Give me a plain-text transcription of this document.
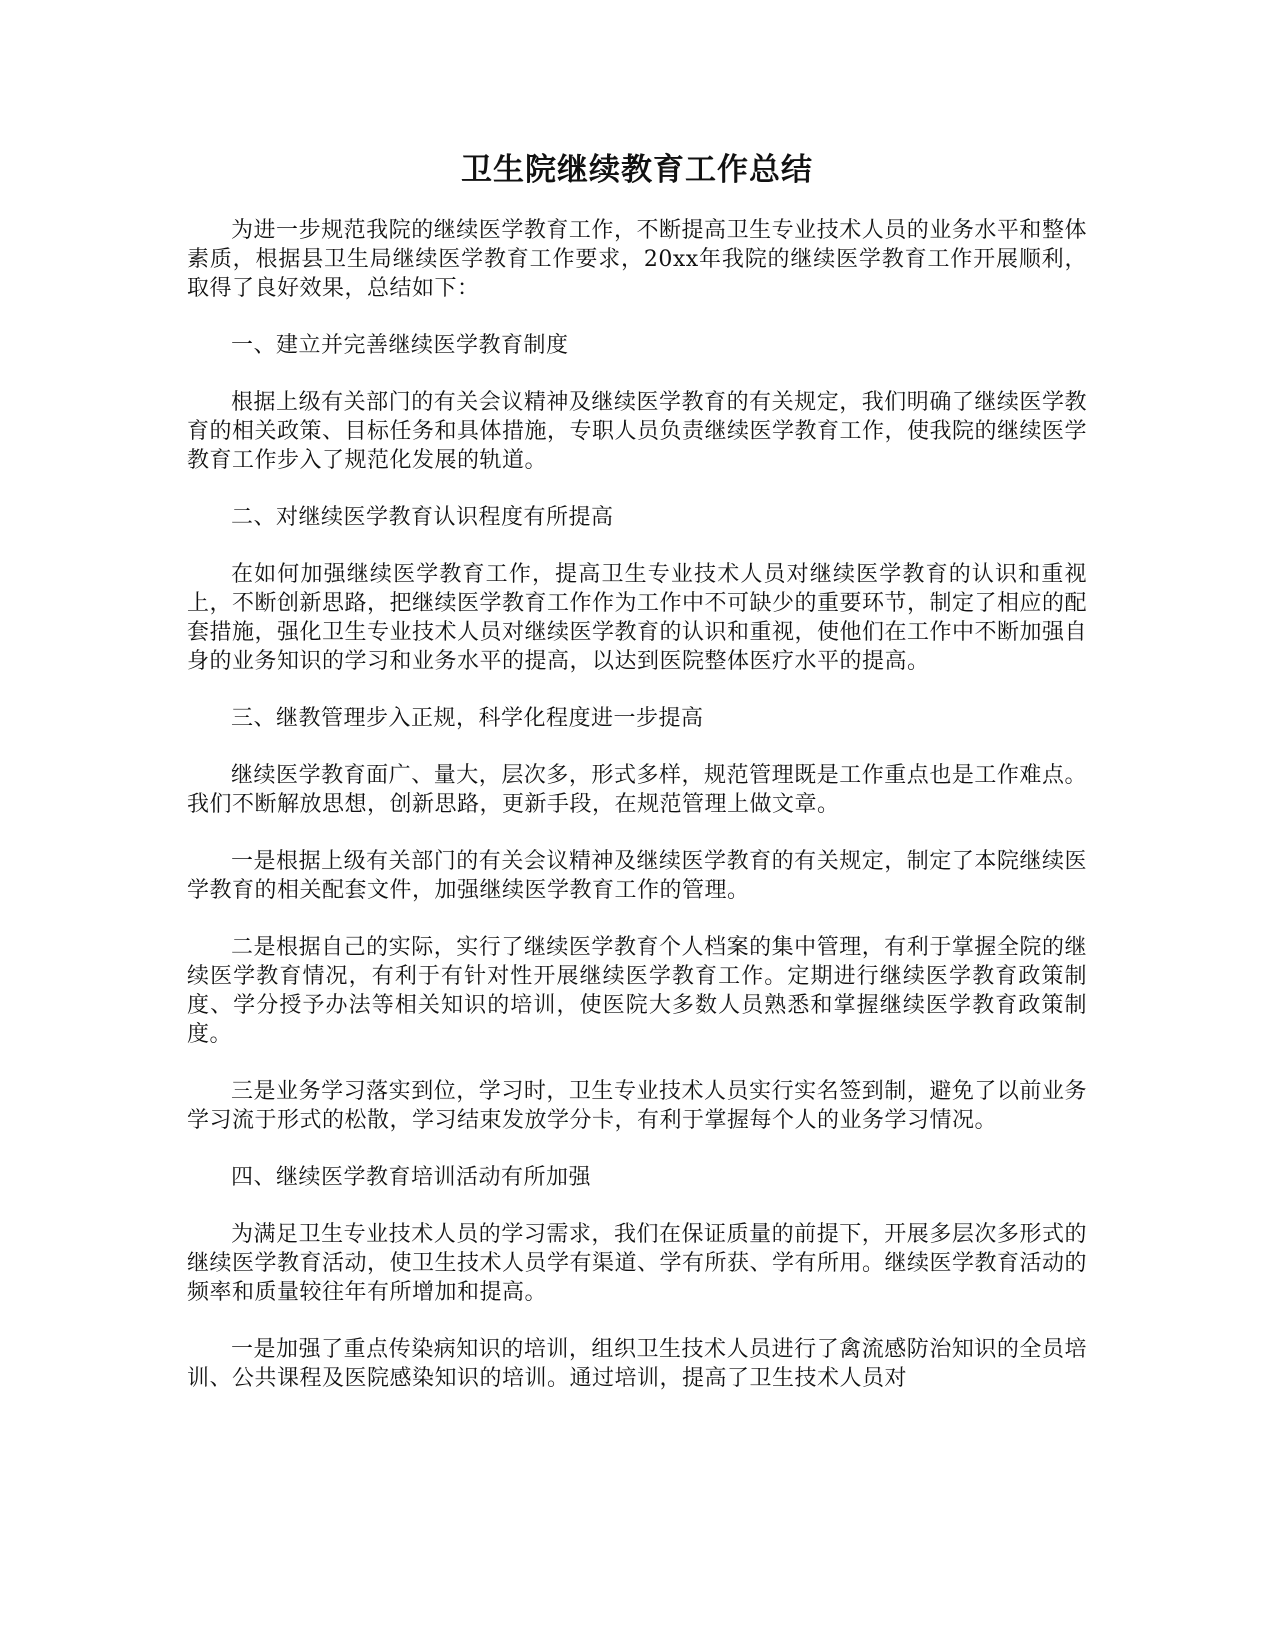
卫生院继续教育工作总结

为进一步规范我院的继续医学教育工作，不断提高卫生专业技术人员的业务水平和整体素质，根据县卫生局继续医学教育工作要求，20xx年我院的继续医学教育工作开展顺利，取得了良好效果，总结如下：

一、建立并完善继续医学教育制度

根据上级有关部门的有关会议精神及继续医学教育的有关规定，我们明确了继续医学教育的相关政策、目标任务和具体措施，专职人员负责继续医学教育工作，使我院的继续医学教育工作步入了规范化发展的轨道。

二、对继续医学教育认识程度有所提高

在如何加强继续医学教育工作，提高卫生专业技术人员对继续医学教育的认识和重视上，不断创新思路，把继续医学教育工作作为工作中不可缺少的重要环节，制定了相应的配套措施，强化卫生专业技术人员对继续医学教育的认识和重视，使他们在工作中不断加强自身的业务知识的学习和业务水平的提高，以达到医院整体医疗水平的提高。

三、继教管理步入正规，科学化程度进一步提高

继续医学教育面广、量大，层次多，形式多样，规范管理既是工作重点也是工作难点。我们不断解放思想，创新思路，更新手段，在规范管理上做文章。

一是根据上级有关部门的有关会议精神及继续医学教育的有关规定，制定了本院继续医学教育的相关配套文件，加强继续医学教育工作的管理。

二是根据自己的实际，实行了继续医学教育个人档案的集中管理，有利于掌握全院的继续医学教育情况，有利于有针对性开展继续医学教育工作。定期进行继续医学教育政策制度、学分授予办法等相关知识的培训，使医院大多数人员熟悉和掌握继续医学教育政策制度。

三是业务学习落实到位，学习时，卫生专业技术人员实行实名签到制，避免了以前业务学习流于形式的松散，学习结束发放学分卡，有利于掌握每个人的业务学习情况。

四、继续医学教育培训活动有所加强

为满足卫生专业技术人员的学习需求，我们在保证质量的前提下，开展多层次多形式的继续医学教育活动，使卫生技术人员学有渠道、学有所获、学有所用。继续医学教育活动的频率和质量较往年有所增加和提高。

一是加强了重点传染病知识的培训，组织卫生技术人员进行了禽流感防治知识的全员培训、公共课程及医院感染知识的培训。通过培训，提高了卫生技术人员对
